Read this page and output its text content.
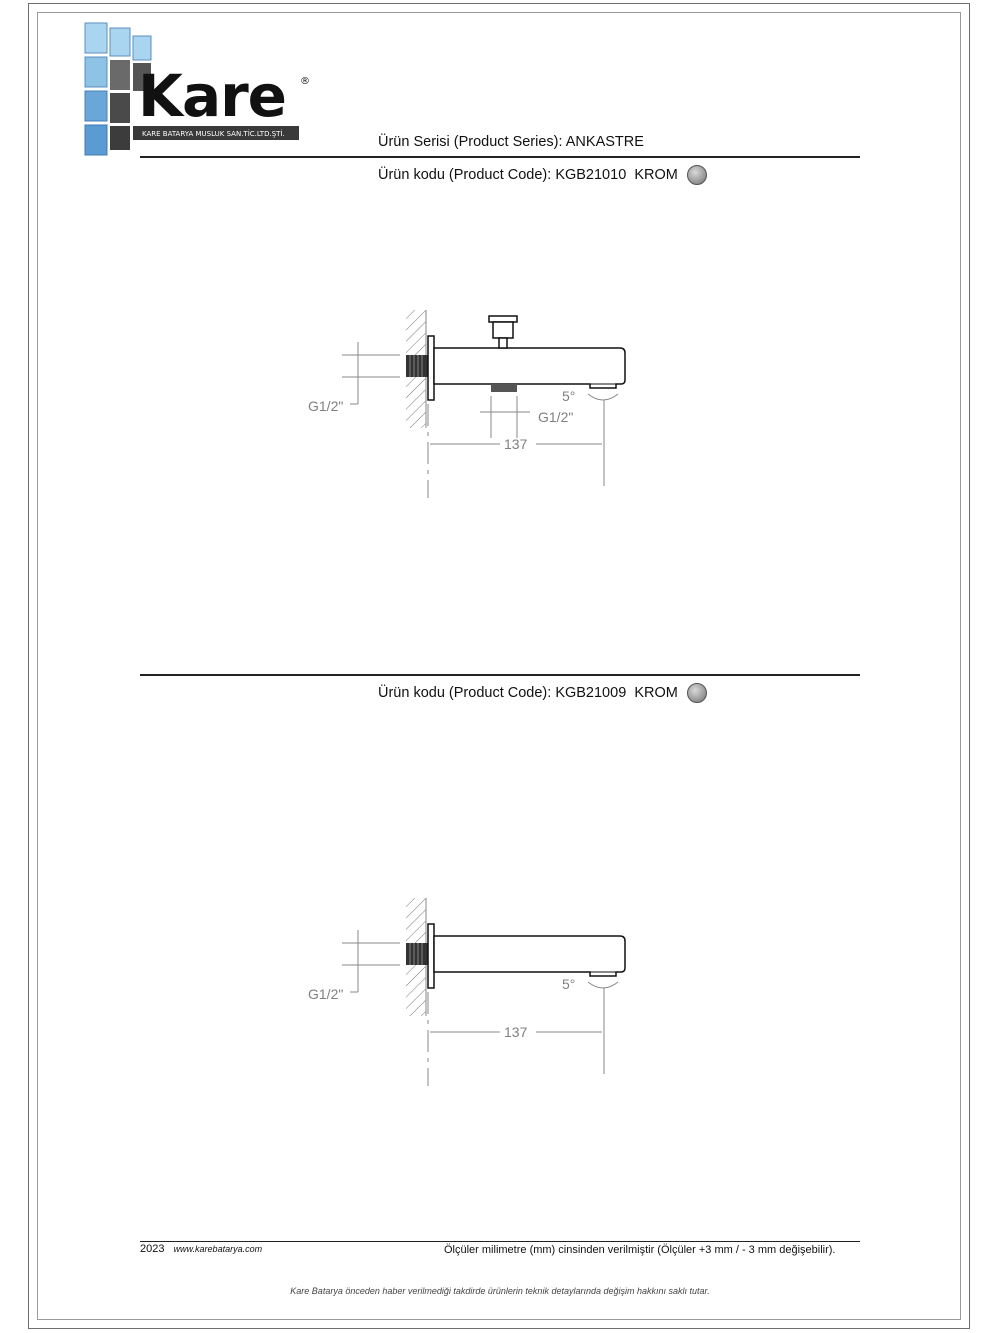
Kare ®
KARE BATARYA MUSLUK SAN.TİC.LTD.ŞTİ.	Ürün Serisi (Product Series): ANKASTRE
Ürün kodu (Product Code): KGB21010 KROM
G1/2"
5°
G1/2"
137
Ürün kodu (Product Code): KGB21009 KROM
G1/2"
5°
137
2023 www.karebatarya.com	Ölçüler milimetre (mm) cinsinden verilmiştir (Ölçüler +3 mm / - 3 mm değişebilir).
Kare Batarya önceden haber verilmediği takdirde ürünlerin teknik detaylarında değişim hakkını saklı tutar.
